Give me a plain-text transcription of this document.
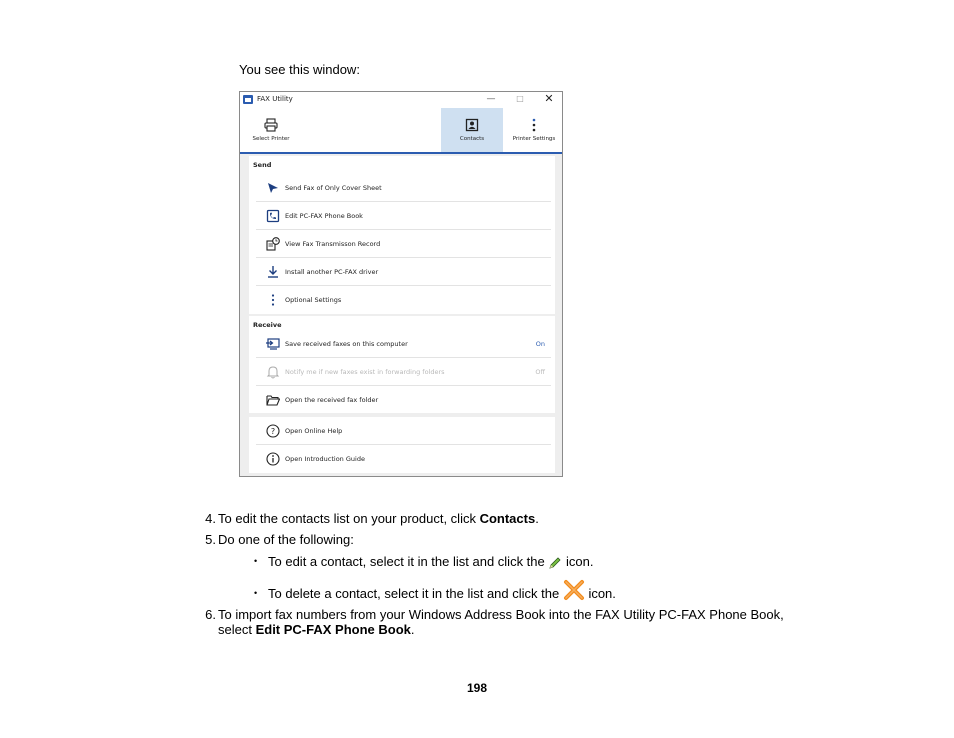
You see this window:
FAX Utility	—	□ ✕
Select Printer	Contacts	Printer Settings
Send
Send Fax of Only Cover Sheet
Edit PC-FAX Phone Book
View Fax Transmisson Record
Install another PC-FAX driver
Optional Settings
Receive
Save received faxes on this computer	On
Notify me if new faxes exist in forwarding folders	Off
Open the received fax folder
? Open Online Help
Open Introduction Guide
4. To edit the contacts list on your product, click Contacts.
5. Do one of the following:
• To edit a contact, select it in the list and click the  icon.
• To delete a contact, select it in the list and click the  icon.
6. To import fax numbers from your Windows Address Book into the FAX Utility PC-FAX Phone Book,
select Edit PC-FAX Phone Book.
198
